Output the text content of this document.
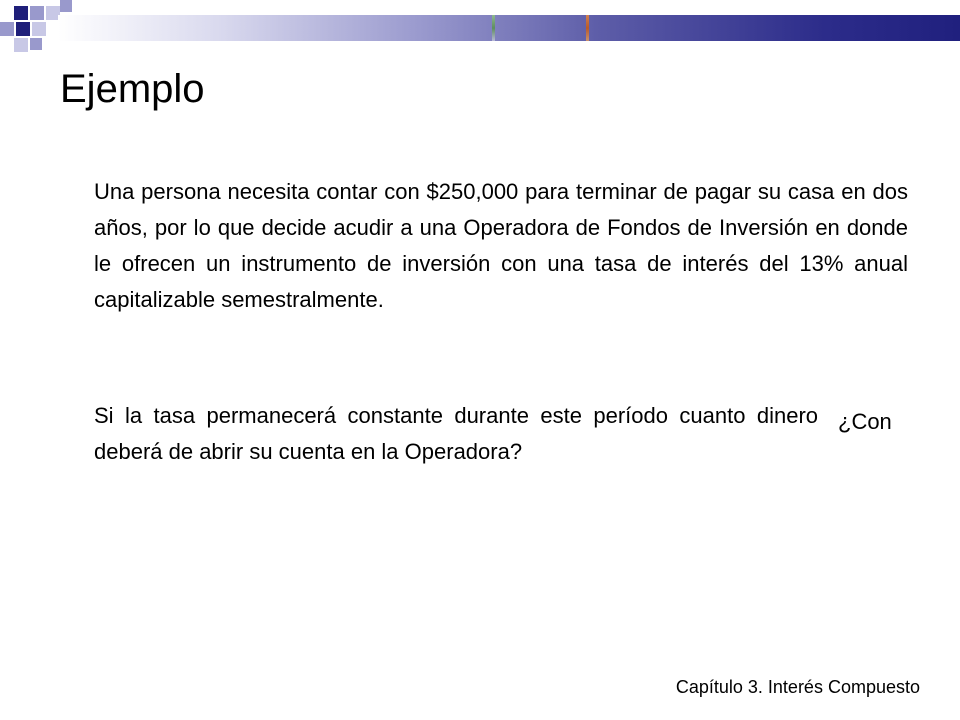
Ejemplo

Una persona necesita contar con $250,000 para terminar de pagar su casa en dos años, por lo que decide acudir a una Operadora de Fondos de Inversión en donde le ofrecen un instrumento de inversión con una tasa de interés del 13% anual capitalizable semestralmente.

Si la tasa permanecerá constante durante este período cuanto dinero deberá de abrir su cuenta en la Operadora?

¿Con

Capítulo 3. Interés Compuesto
